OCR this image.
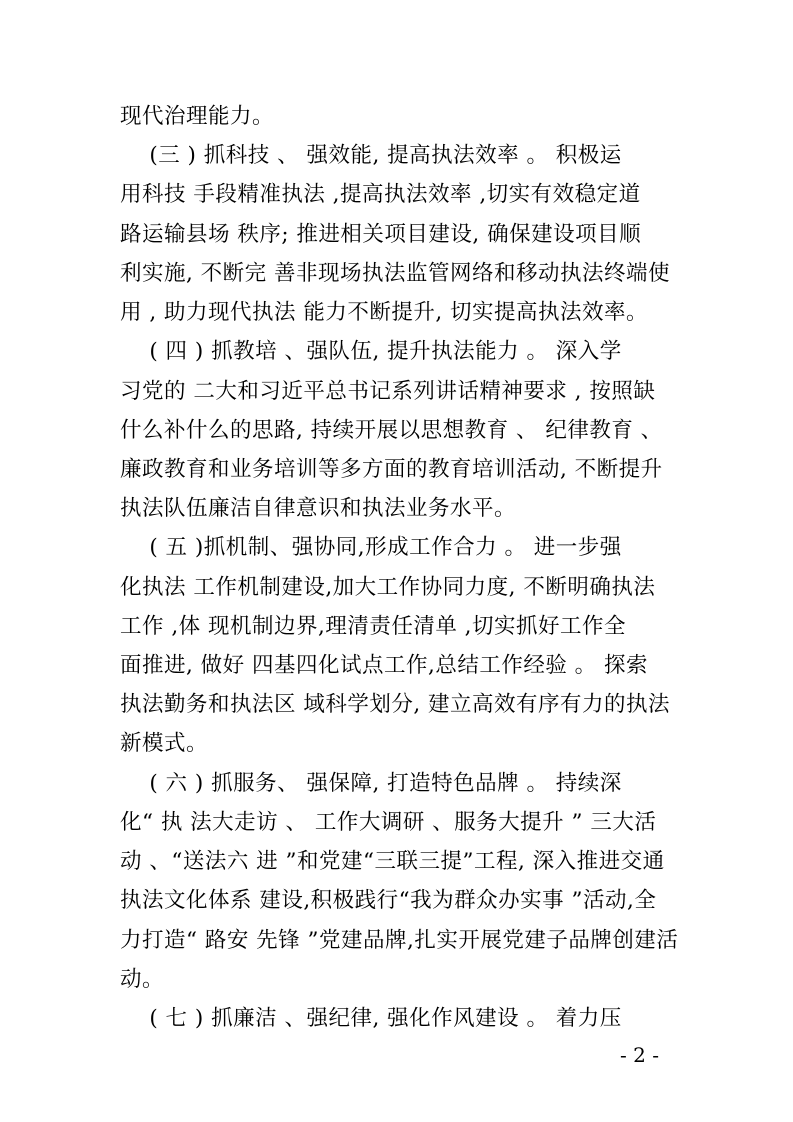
现代治理能力。
(三 ) 抓科技 、 强效能, 提高执法效率 。 积极运
用科技 手段精准执法 ,提高执法效率 ,切实有效稳定道
路运输县场 秩序; 推进相关项目建设, 确保建设项目顺
利实施, 不断完 善非现场执法监管网络和移动执法终端使
用 , 助力现代执法 能力不断提升, 切实提高执法效率。
( 四 ) 抓教培 、强队伍, 提升执法能力 。 深入学
习党的 二大和习近平总书记系列讲话精神要求 , 按照缺
什么补什么的思路, 持续开展以思想教育 、 纪律教育 、
廉政教育和业务培训等多方面的教育培训活动, 不断提升
执法队伍廉洁自律意识和执法业务水平。
( 五 )抓机制、强协同,形成工作合力 。 进一步强
化执法 工作机制建设,加大工作协同力度, 不断明确执法
工作 ,体 现机制边界,理清责任清单 ,切实抓好工作全
面推进, 做好 四基四化试点工作,总结工作经验 。 探索
执法勤务和执法区 域科学划分, 建立高效有序有力的执法
新模式。
( 六 ) 抓服务、 强保障, 打造特色品牌 。 持续深
化“ 执 法大走访 、 工作大调研 、服务大提升 ” 三大活
动 、“送法六 进 ”和党建“三联三提”工程, 深入推进交通
执法文化体系 建设,积极践行“我为群众办实事 ”活动,全
力打造“ 路安 先锋 ”党建品牌,扎实开展党建子品牌创建活
动。
( 七 ) 抓廉洁 、强纪律, 强化作风建设 。 着力压
- 2 -
